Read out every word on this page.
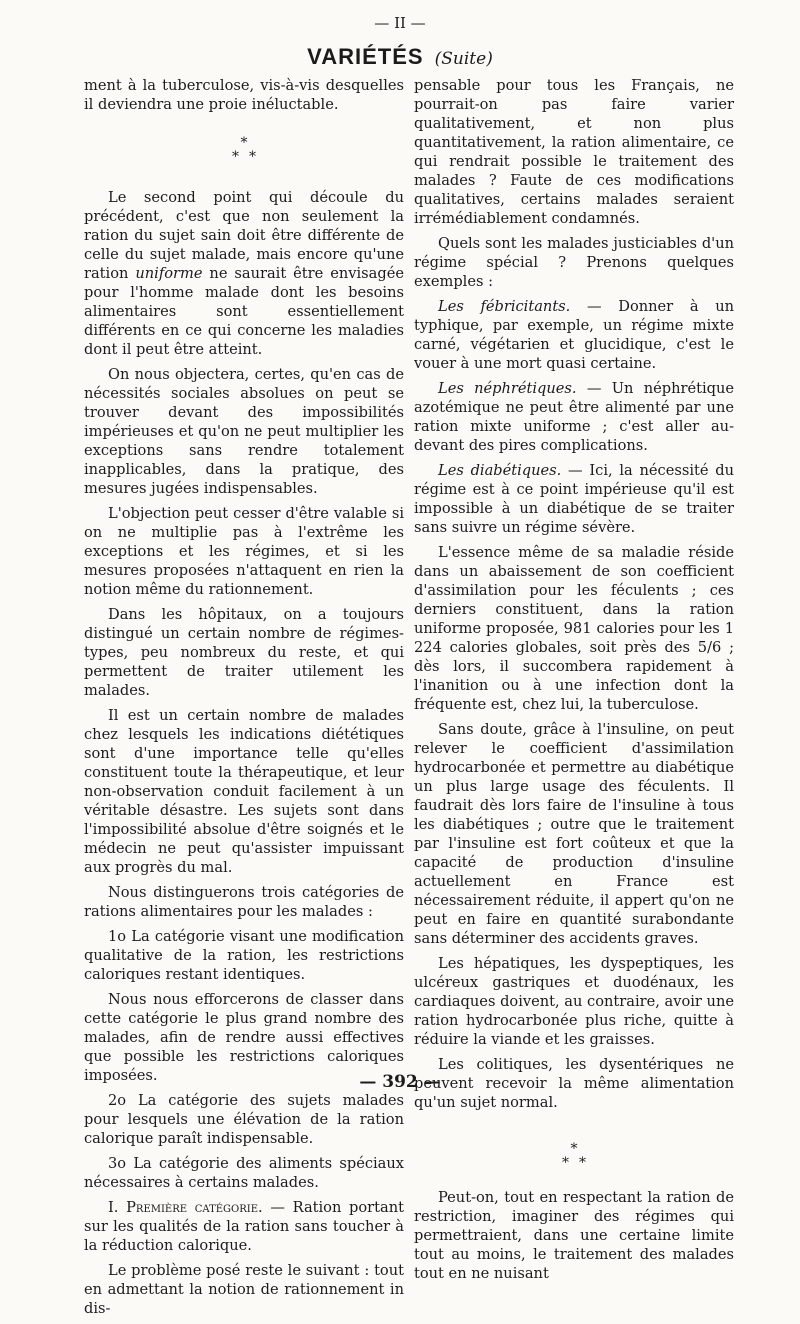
— II —
VARIÉTÉS (Suite)

ment à la tuberculose, vis-à-vis desquelles il deviendra une proie inéluctable.

*
**

Le second point qui découle du précédent, c'est que non seulement la ration du sujet sain doit être différente de celle du sujet malade, mais encore qu'une ration uniforme ne saurait être envisagée pour l'homme malade dont les besoins alimentaires sont essentiellement différents en ce qui concerne les maladies dont il peut être atteint.

On nous objectera, certes, qu'en cas de nécessités sociales absolues on peut se trouver devant des impossibilités impérieuses et qu'on ne peut multiplier les exceptions sans rendre totalement inapplicables, dans la pratique, des mesures jugées indispensables.

L'objection peut cesser d'être valable si on ne multiplie pas à l'extrême les exceptions et les régimes, et si les mesures proposées n'attaquent en rien la notion même du rationnement.

Dans les hôpitaux, on a toujours distingué un certain nombre de régimes-types, peu nombreux du reste, et qui permettent de traiter utilement les malades.

Il est un certain nombre de malades chez lesquels les indications diététiques sont d'une importance telle qu'elles constituent toute la thérapeutique, et leur non-observation conduit facilement à un véritable désastre. Les sujets sont dans l'impossibilité absolue d'être soignés et le médecin ne peut qu'assister impuissant aux progrès du mal.

Nous distinguerons trois catégories de rations alimentaires pour les malades :

1o La catégorie visant une modification qualitative de la ration, les restrictions caloriques restant identiques.

Nous nous efforcerons de classer dans cette catégorie le plus grand nombre des malades, afin de rendre aussi effectives que possible les restrictions caloriques imposées.

2o La catégorie des sujets malades pour lesquels une élévation de la ration calorique paraît indispensable.

3o La catégorie des aliments spéciaux nécessaires à certains malades.

I. Première catégorie. — Ration portant sur les qualités de la ration sans toucher à la réduction calorique.

Le problème posé reste le suivant : tout en admettant la notion de rationnement in dis-

pensable pour tous les Français, ne pourrait-on pas faire varier qualitativement, et non plus quantitativement, la ration alimentaire, ce qui rendrait possible le traitement des malades ? Faute de ces modifications qualitatives, certains malades seraient irrémédiablement condamnés.

Quels sont les malades justiciables d'un régime spécial ? Prenons quelques exemples :

Les fébricitants. — Donner à un typhique, par exemple, un régime mixte carné, végétarien et glucidique, c'est le vouer à une mort quasi certaine.

Les néphrétiques. — Un néphrétique azotémique ne peut être alimenté par une ration mixte uniforme ; c'est aller au-devant des pires complications.

Les diabétiques. — Ici, la nécessité du régime est à ce point impérieuse qu'il est impossible à un diabétique de se traiter sans suivre un régime sévère.

L'essence même de sa maladie réside dans un abaissement de son coefficient d'assimilation pour les féculents ; ces derniers constituent, dans la ration uniforme proposée, 981 calories pour les 1 224 calories globales, soit près des 5/6 ; dès lors, il succombera rapidement à l'inanition ou à une infection dont la fréquente est, chez lui, la tuberculose.

Sans doute, grâce à l'insuline, on peut relever le coefficient d'assimilation hydrocarbonée et permettre au diabétique un plus large usage des féculents. Il faudrait dès lors faire de l'insuline à tous les diabétiques ; outre que le traitement par l'insuline est fort coûteux et que la capacité de production d'insuline actuellement en France est nécessairement réduite, il appert qu'on ne peut en faire en quantité surabondante sans déterminer des accidents graves.

Les hépatiques, les dyspeptiques, les ulcéreux gastriques et duodénaux, les cardiaques doivent, au contraire, avoir une ration hydrocarbonée plus riche, quitte à réduire la viande et les graisses.

Les colitiques, les dysentériques ne peuvent recevoir la même alimentation qu'un sujet normal.

*
**

Peut-on, tout en respectant la ration de restriction, imaginer des régimes qui permettraient, dans une certaine limite tout au moins, le traitement des malades tout en ne nuisant

— 392 —
